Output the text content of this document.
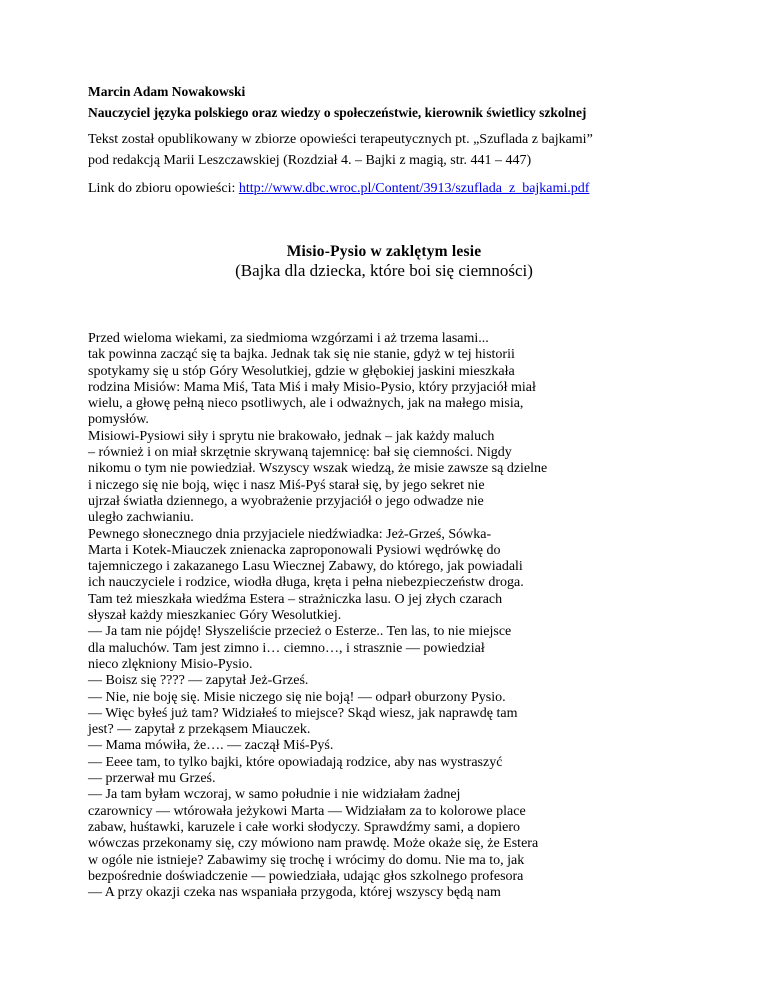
Marcin Adam Nowakowski
Nauczyciel języka polskiego oraz wiedzy o społeczeństwie, kierownik świetlicy szkolnej
Tekst został opublikowany w zbiorze opowieści terapeutycznych pt. „Szuflada z bajkami”
pod redakcją Marii Leszczawskiej (Rozdział 4. – Bajki z magią, str. 441 – 447)
Link do zbioru opowieści: http://www.dbc.wroc.pl/Content/3913/szuflada_z_bajkami.pdf
Misio-Pysio w zaklętym lesie
(Bajka dla dziecka, które boi się ciemności)
Przed wieloma wiekami, za siedmioma wzgórzami i aż trzema lasami...
tak powinna zacząć się ta bajka. Jednak tak się nie stanie, gdyż w tej historii
spotykamy się u stóp Góry Wesolutkiej, gdzie w głębokiej jaskini mieszkała
rodzina Misiów: Mama Miś, Tata Miś i mały Misio-Pysio, który przyjaciół miał
wielu, a głowę pełną nieco psotliwych, ale i odważnych, jak na małego misia,
pomysłów.
Misiowi-Pysiowi siły i sprytu nie brakowało, jednak – jak każdy maluch
– również i on miał skrzętnie skrywaną tajemnicę: bał się ciemności. Nigdy
nikomu o tym nie powiedział. Wszyscy wszak wiedzą, że misie zawsze są dzielne
i niczego się nie boją, więc i nasz Miś-Pyś starał się, by jego sekret nie
ujrzał światła dziennego, a wyobrażenie przyjaciół o jego odwadze nie
uległo zachwianiu.
Pewnego słonecznego dnia przyjaciele niedźwiadka: Jeż-Grześ, Sówka-
Marta i Kotek-Miauczek znienacka zaproponowali Pysiowi wędrówkę do
tajemniczego i zakazanego Lasu Wiecznej Zabawy, do którego, jak powiadali
ich nauczyciele i rodzice, wiodła długa, kręta i pełna niebezpieczeństw droga.
Tam też mieszkała wiedźma Estera – strażniczka lasu. O jej złych czarach
słyszał każdy mieszkaniec Góry Wesolutkiej.
— Ja tam nie pójdę! Słyszeliście przecież o Esterze.. Ten las, to nie miejsce
dla maluchów. Tam jest zimno i… ciemno…, i strasznie — powiedział
nieco zlękniony Misio-Pysio.
— Boisz się ???? — zapytał Jeż-Grześ.
— Nie, nie boję się. Misie niczego się nie boją! — odparł oburzony Pysio.
— Więc byłeś już tam? Widziałeś to miejsce? Skąd wiesz, jak naprawdę tam
jest? — zapytał z przekąsem Miauczek.
— Mama mówiła, że…. — zaczął Miś-Pyś.
— Eeee tam, to tylko bajki, które opowiadają rodzice, aby nas wystraszyć
— przerwał mu Grześ.
— Ja tam byłam wczoraj, w samo południe i nie widziałam żadnej
czarownicy — wtórowała jeżykowi Marta — Widziałam za to kolorowe place
zabaw, huśtawki, karuzele i całe worki słodyczy. Sprawdźmy sami, a dopiero
wówczas przekonamy się, czy mówiono nam prawdę. Może okaże się, że Estera
w ogóle nie istnieje? Zabawimy się trochę i wrócimy do domu. Nie ma to, jak
bezpośrednie doświadczenie — powiedziała, udając głos szkolnego profesora
— A przy okazji czeka nas wspaniała przygoda, której wszyscy będą nam
